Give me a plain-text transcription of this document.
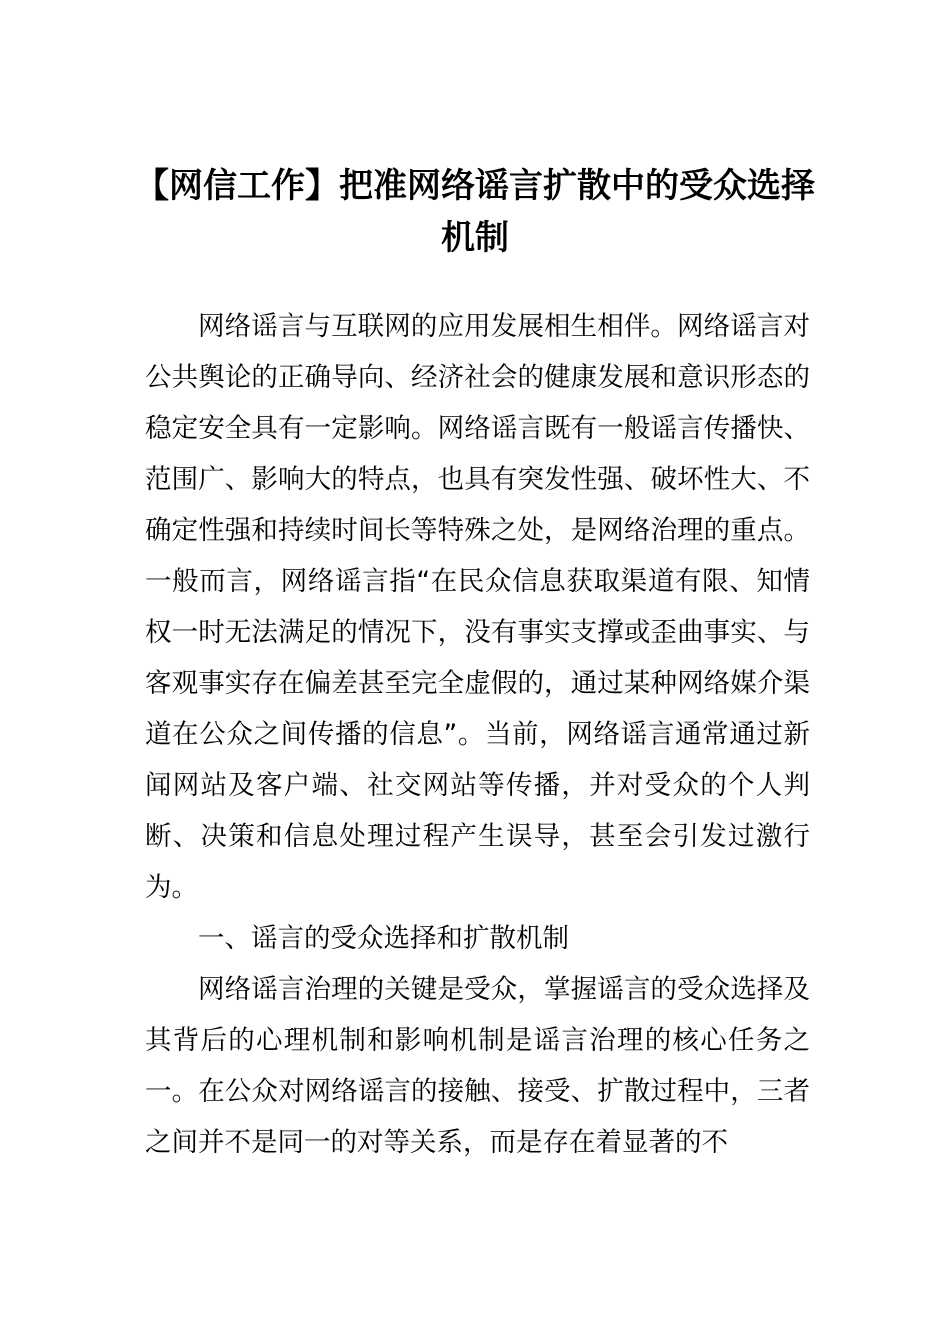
【网信工作】把准网络谣言扩散中的受众选择机制

网络谣言与互联网的应用发展相生相伴。网络谣言对公共舆论的正确导向、经济社会的健康发展和意识形态的稳定安全具有一定影响。网络谣言既有一般谣言传播快、范围广、影响大的特点，也具有突发性强、破坏性大、不确定性强和持续时间长等特殊之处，是网络治理的重点。一般而言，网络谣言指“在民众信息获取渠道有限、知情权一时无法满足的情况下，没有事实支撑或歪曲事实、与客观事实存在偏差甚至完全虚假的，通过某种网络媒介渠道在公众之间传播的信息”。当前，网络谣言通常通过新闻网站及客户端、社交网站等传播，并对受众的个人判断、决策和信息处理过程产生误导，甚至会引发过激行为。

一、谣言的受众选择和扩散机制

网络谣言治理的关键是受众，掌握谣言的受众选择及其背后的心理机制和影响机制是谣言治理的核心任务之一。在公众对网络谣言的接触、接受、扩散过程中，三者之间并不是同一的对等关系，而是存在着显著的不
